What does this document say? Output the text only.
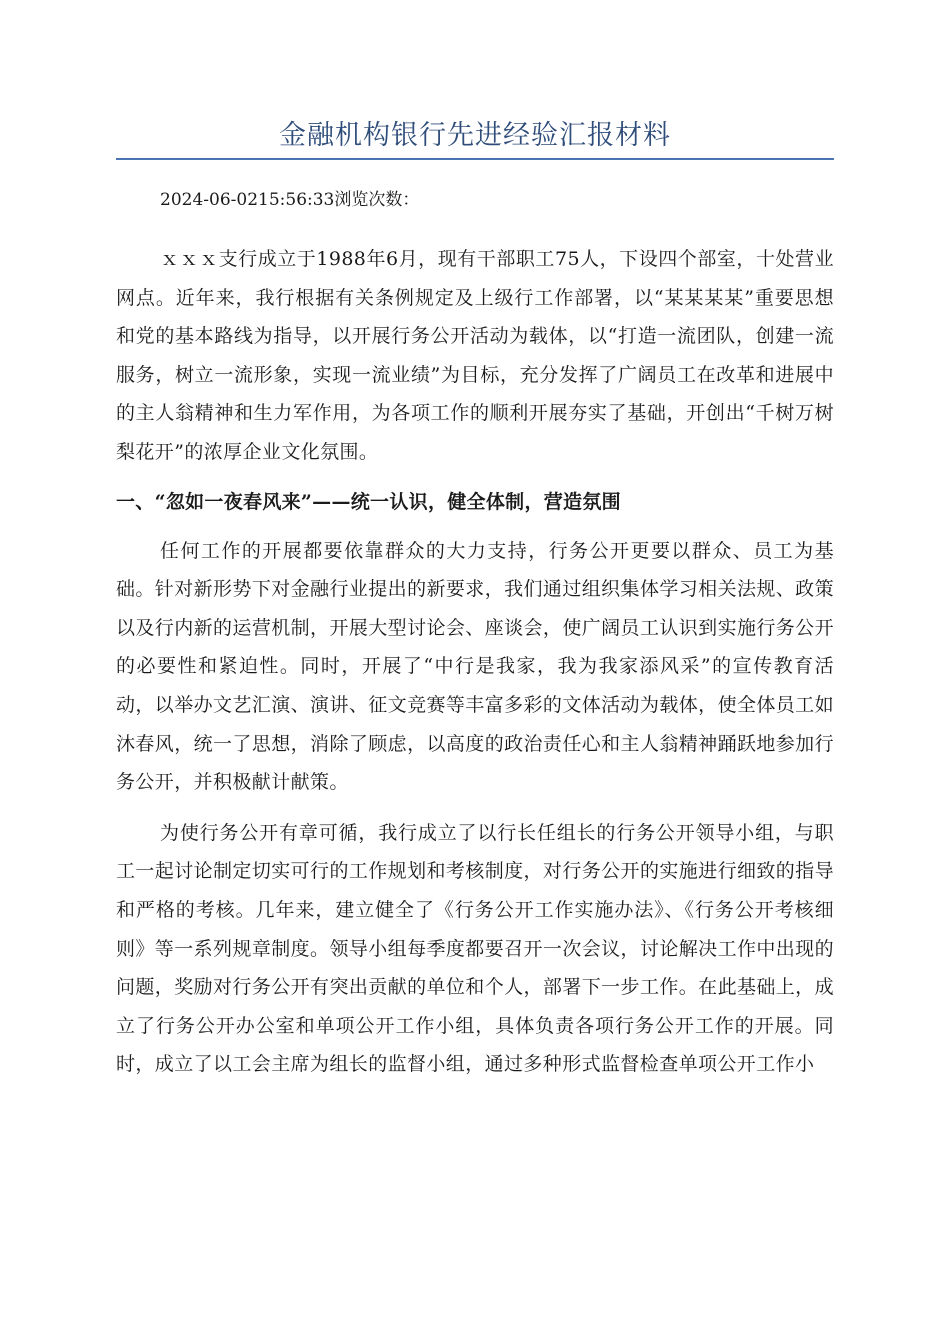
金融机构银行先进经验汇报材料

2024-06-0215:56:33浏览次数：

ｘｘｘ支行成立于1988年6月，现有干部职工75人，下设四个部室，十处营业网点。近年来，我行根据有关条例规定及上级行工作部署，以“某某某某”重要思想和党的基本路线为指导，以开展行务公开活动为载体，以“打造一流团队，创建一流服务，树立一流形象，实现一流业绩”为目标，充分发挥了广阔员工在改革和进展中的主人翁精神和生力军作用，为各项工作的顺利开展夯实了基础，开创出“千树万树梨花开”的浓厚企业文化氛围。

一、“忽如一夜春风来”——统一认识，健全体制，营造氛围

任何工作的开展都要依靠群众的大力支持，行务公开更要以群众、员工为基础。针对新形势下对金融行业提出的新要求，我们通过组织集体学习相关法规、政策以及行内新的运营机制，开展大型讨论会、座谈会，使广阔员工认识到实施行务公开的必要性和紧迫性。同时，开展了“中行是我家，我为我家添风采”的宣传教育活动，以举办文艺汇演、演讲、征文竞赛等丰富多彩的文体活动为载体，使全体员工如沐春风，统一了思想，消除了顾虑，以高度的政治责任心和主人翁精神踊跃地参加行务公开，并积极献计献策。

为使行务公开有章可循，我行成立了以行长任组长的行务公开领导小组，与职工一起讨论制定切实可行的工作规划和考核制度，对行务公开的实施进行细致的指导和严格的考核。几年来，建立健全了《行务公开工作实施办法》、《行务公开考核细则》等一系列规章制度。领导小组每季度都要召开一次会议，讨论解决工作中出现的问题，奖励对行务公开有突出贡献的单位和个人，部署下一步工作。在此基础上，成立了行务公开办公室和单项公开工作小组，具体负责各项行务公开工作的开展。同时，成立了以工会主席为组长的监督小组，通过多种形式监督检查单项公开工作小
